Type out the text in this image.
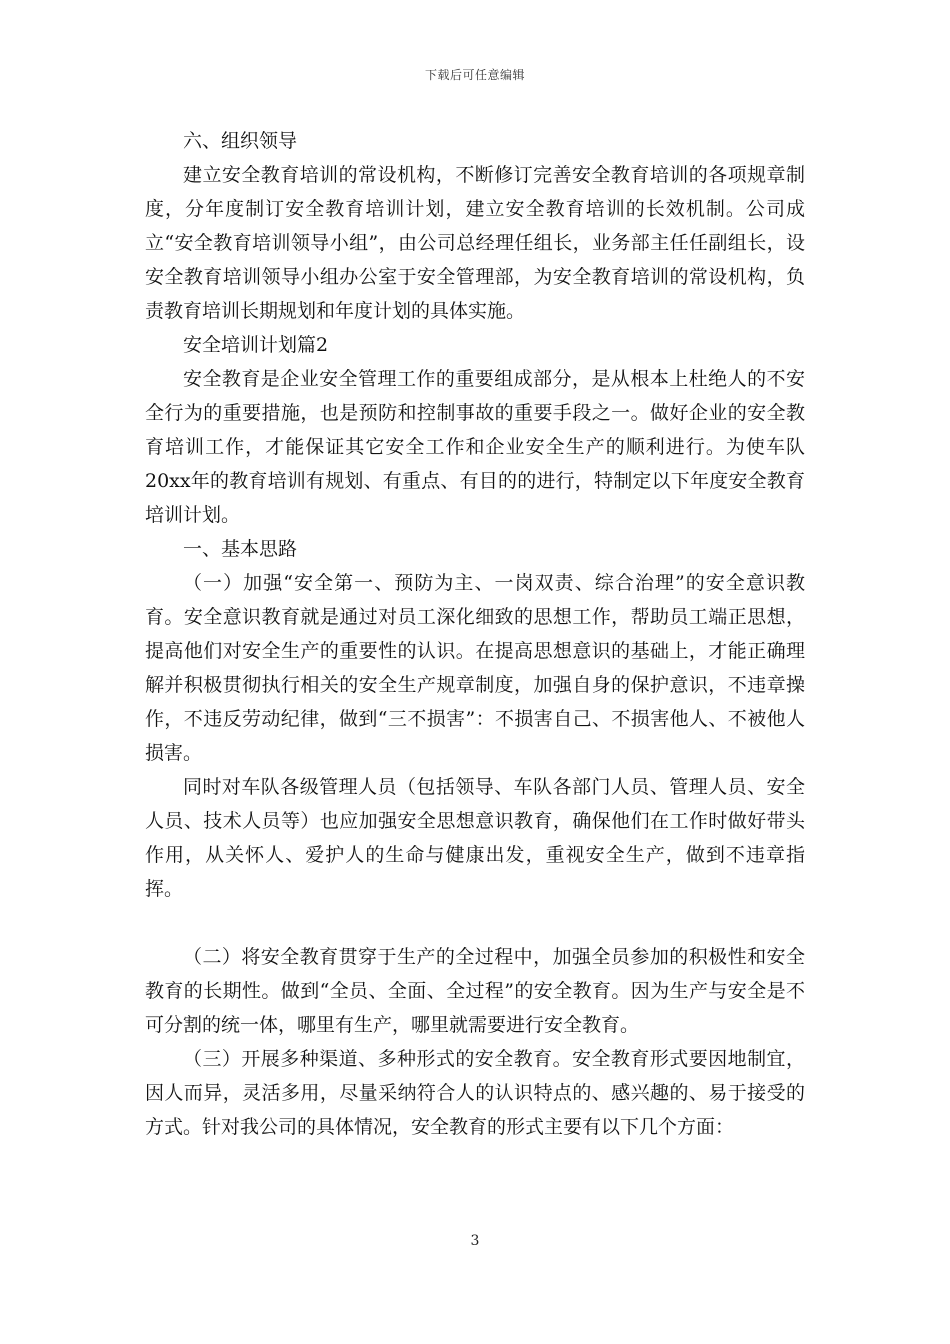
下载后可任意编辑

六、组织领导

建立安全教育培训的常设机构，不断修订完善安全教育培训的各项规章制度，分年度制订安全教育培训计划，建立安全教育培训的长效机制。公司成立“安全教育培训领导小组”，由公司总经理任组长，业务部主任任副组长，设安全教育培训领导小组办公室于安全管理部，为安全教育培训的常设机构，负责教育培训长期规划和年度计划的具体实施。

安全培训计划篇2

安全教育是企业安全管理工作的重要组成部分，是从根本上杜绝人的不安全行为的重要措施，也是预防和控制事故的重要手段之一。做好企业的安全教育培训工作，才能保证其它安全工作和企业安全生产的顺利进行。为使车队20xx年的教育培训有规划、有重点、有目的的进行，特制定以下年度安全教育培训计划。

一、基本思路

（一）加强“安全第一、预防为主、一岗双责、综合治理”的安全意识教育。安全意识教育就是通过对员工深化细致的思想工作，帮助员工端正思想，提高他们对安全生产的重要性的认识。在提高思想意识的基础上，才能正确理解并积极贯彻执行相关的安全生产规章制度，加强自身的保护意识，不违章操作，不违反劳动纪律，做到“三不损害”：不损害自己、不损害他人、不被他人损害。

同时对车队各级管理人员（包括领导、车队各部门人员、管理人员、安全人员、技术人员等）也应加强安全思想意识教育，确保他们在工作时做好带头作用，从关怀人、爱护人的生命与健康出发，重视安全生产，做到不违章指挥。

（二）将安全教育贯穿于生产的全过程中，加强全员参加的积极性和安全教育的长期性。做到“全员、全面、全过程”的安全教育。因为生产与安全是不可分割的统一体，哪里有生产，哪里就需要进行安全教育。

（三）开展多种渠道、多种形式的安全教育。安全教育形式要因地制宜，因人而异，灵活多用，尽量采纳符合人的认识特点的、感兴趣的、易于接受的方式。针对我公司的具体情况，安全教育的形式主要有以下几个方面：

3
